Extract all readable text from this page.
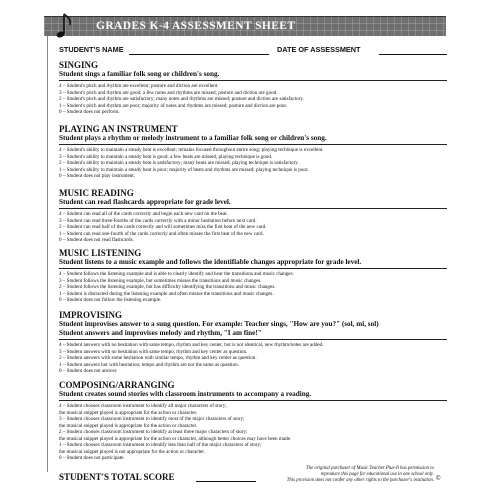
GRADES K-4 ASSESSMENT SHEET
STUDENT'S NAME	DATE OF ASSESSMENT
SINGING
Student sings a familiar folk song or children's song.
4 – Student's pitch and rhythm are excellent; posture and diction are excellent.
3 – Student's pitch and rhythm are good; a few notes and rhythms are missed; posture and diction are good.
2 – Student's pitch and rhythm are satisfactory; many notes and rhythms are missed; posture and diction are satisfactory.
1 – Student's pitch and rhythm are poor; majority of notes and rhythms are missed; posture and diction are poor.
0 – Student does not perform.
PLAYING AN INSTRUMENT
Student plays a rhythm or melody instrument to a familiar folk song or children's song.
4 – Student's ability to maintain a steady beat is excellent; remains focused throughout entire song; playing technique is excellent.
3 – Student's ability to maintain a steady beat is good; a few beats are missed, playing technique is good.
2 – Student's ability to maintain a steady beat is satisfactory; many beats are missed; playing technique is satisfactory.
1 – Student's ability to maintain a steady beat is poor; majority of beats and rhythms are missed; playing technique is poor.
0 – Student does not play instrument.
MUSIC READING
Student can read flashcards appropriate for grade level.
4 – Student can read all of the cards correctly and begin each new card on the beat.
3 – Student can read three-fourths of the cards correctly with a minor hesitation before next card.
2 – Student can read half of the cards correctly and will sometimes miss the first beat of the new card.
1 – Student can read one-fourth of the cards correctly and often misses the first beat of the new card.
0 – Student does not read flashcards.
MUSIC LISTENING
Student listens to a music example and follows the identifiable changes appropriate for grade level.
4 – Student follows the listening example and is able to clearly identify and hear the transitions and music changes.
3 – Student follows the listening example, but sometimes misses the transitions and music changes.
2 – Student follows the listening example, but has difficulty identifying the transitions and music changes.
1 – Student is distracted during the listening example and often misses the transitions and music changes.
0 – Student does not follow the listening example.
IMPROVISING
Student improvises answer to a sung question. For example: Teacher sings, "How are you?" (sol, mi, sol)
Student answers and improvises melody and rhythm, "I am fine!"
4 – Student answers with no hesitation with same tempo, rhythm and key center, but is not identical, new rhythm/notes are added.
3 – Student answers with no hesitation with same tempo, rhythm and key center as question.
2 – Student answers with some hesitation with similar tempo, rhythm and key center as question.
1 – Student answers but with hesitation; tempo and rhythm are not the same as question.
0 – Student does not answer.
COMPOSING/ARRANGING
Student creates sound stories with classroom instruments to accompany a reading.
4 – Student chooses classroom instrument to identify all major characters of story;
the musical snippet played is appropriate for the action or character.
3 – Student chooses classroom instrument to identify most of the major characters of story;
the musical snippet played is appropriate for the action or character.
2 – Student chooses classroom instrument to identify at least three major characters of story;
the musical snippet played is appropriate for the action or character, although better choices may have been made.
1 – Student chooses classroom instrument to identify less than half of the major characters of story;
the musical snippet played is not appropriate for the action or character.
0 – Student does not participate.
STUDENT'S TOTAL SCORE
The original purchaser of Music Teacher Plus-It has permission to
reproduce this page for educational use in one school only.
This provision does not confer any other rights to the purchaser's institution. ©
